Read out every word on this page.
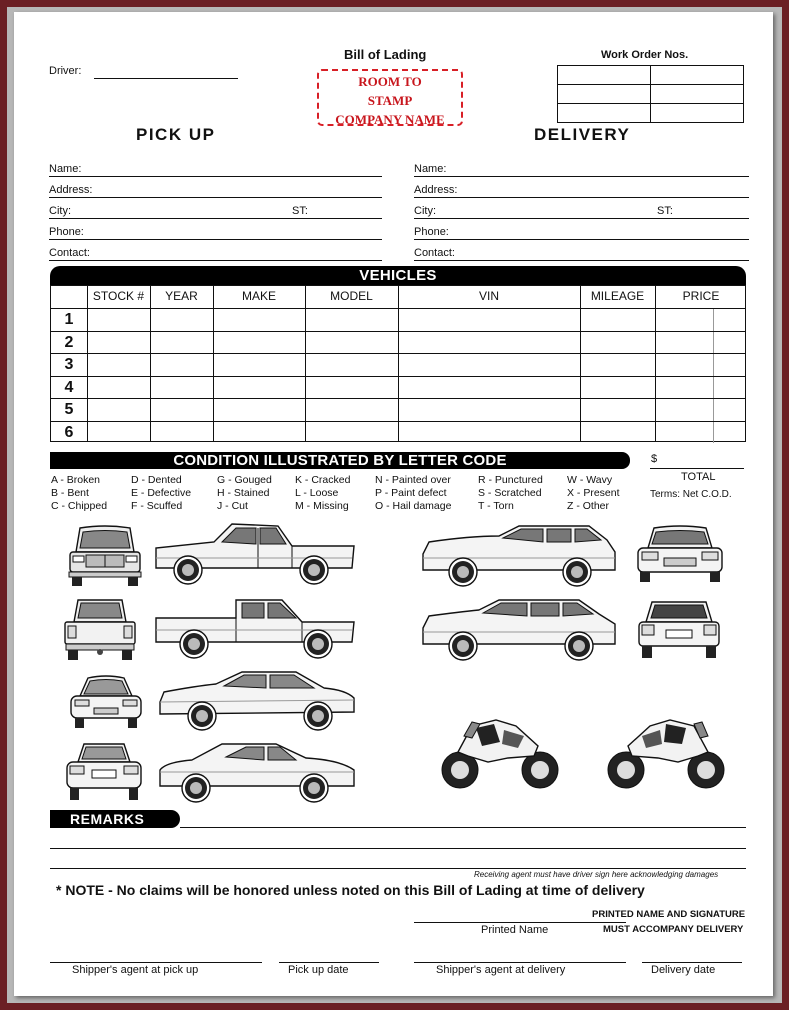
Bill of Lading
Driver:
ROOM TO
STAMP
COMPANY NAME
Work Order Nos.

PICK UP	DELIVERY
Name:
Address:
City:	ST:
Phone:
Contact:
Name:
Address:
City:	ST:
Phone:
Contact:
VEHICLES
STOCK #	YEAR	MAKE	MODEL	VIN	MILEAGE	PRICE
1
2
3
4
5
6
CONDITION ILLUSTRATED BY LETTER CODE	$
TOTAL
Terms: Net C.O.D.
A - Broken
B - Bent
C - Chipped
D - Dented
E - Defective
F - Scuffed
G - Gouged
H - Stained
J - Cut
K - Cracked
L - Loose
M - Missing
N - Painted over
P - Paint defect
O - Hail damage
R - Punctured
S - Scratched
T - Torn
W - Wavy
X - Present
Z - Other
REMARKS
Receiving agent must have driver sign here acknowledging damages
* NOTE - No claims will be honored unless noted on this Bill of Lading at time of delivery
Printed Name
PRINTED NAME AND SIGNATURE
MUST ACCOMPANY DELIVERY
Shipper's agent at pick up	Pick up date	Shipper's agent at delivery	Delivery date
